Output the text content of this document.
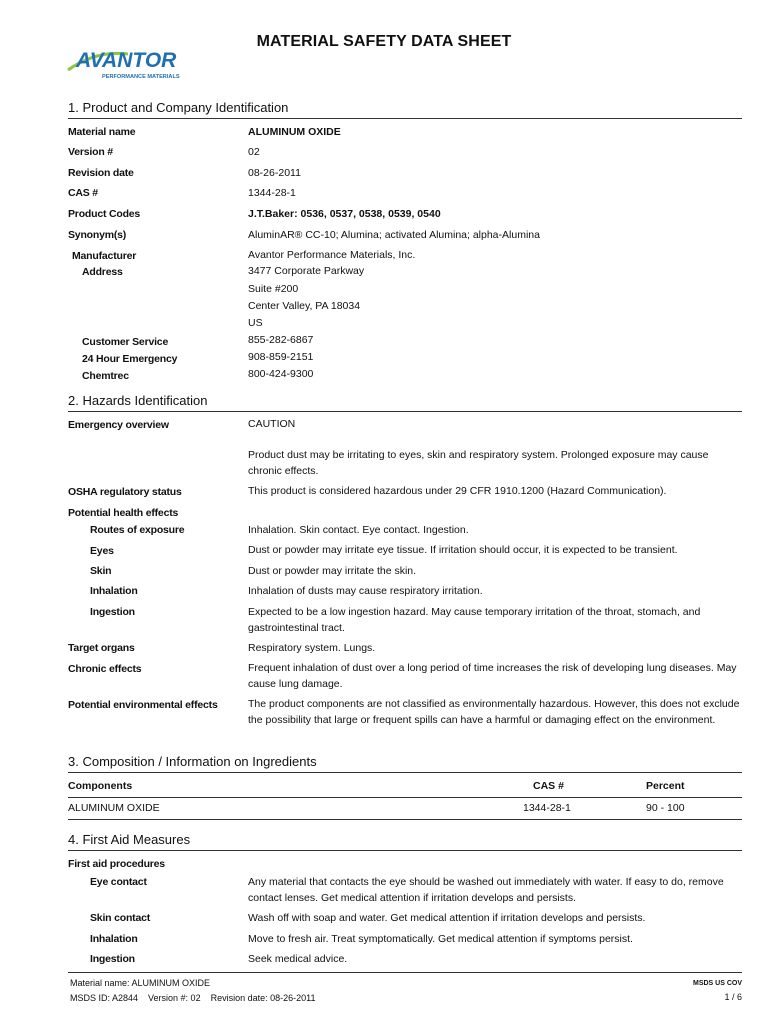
AVANTOR
PERFORMANCE MATERIALS
MATERIAL SAFETY DATA SHEET
1. Product and Company Identification
Material name	ALUMINUM OXIDE
Version #	02
Revision date	08-26-2011
CAS #	1344-28-1
Product Codes	J.T.Baker: 0536, 0537, 0538, 0539, 0540
Synonym(s)	AluminAR® CC-10; Alumina; activated Alumina; alpha-Alumina
Manufacturer	Avantor Performance Materials, Inc.
Address	3477 Corporate Parkway
Suite #200
Center Valley, PA 18034
US
Customer Service	855-282-6867
24 Hour Emergency	908-859-2151
Chemtrec	800-424-9300
2. Hazards Identification
Emergency overview	CAUTION
Product dust may be irritating to eyes, skin and respiratory system. Prolonged exposure may cause chronic effects.
OSHA regulatory status	This product is considered hazardous under 29 CFR 1910.1200 (Hazard Communication).
Potential health effects
Routes of exposure	Inhalation. Skin contact. Eye contact. Ingestion.
Eyes	Dust or powder may irritate eye tissue. If irritation should occur, it is expected to be transient.
Skin	Dust or powder may irritate the skin.
Inhalation	Inhalation of dusts may cause respiratory irritation.
Ingestion	Expected to be a low ingestion hazard. May cause temporary irritation of the throat, stomach, and gastrointestinal tract.
Target organs	Respiratory system. Lungs.
Chronic effects	Frequent inhalation of dust over a long period of time increases the risk of developing lung diseases. May cause lung damage.
Potential environmental effects	The product components are not classified as environmentally hazardous. However, this does not exclude the possibility that large or frequent spills can have a harmful or damaging effect on the environment.
3. Composition / Information on Ingredients
Components	CAS #	Percent
ALUMINUM OXIDE	1344-28-1	90 - 100
4. First Aid Measures
First aid procedures
Eye contact	Any material that contacts the eye should be washed out immediately with water. If easy to do, remove contact lenses. Get medical attention if irritation develops and persists.
Skin contact	Wash off with soap and water. Get medical attention if irritation develops and persists.
Inhalation	Move to fresh air. Treat symptomatically. Get medical attention if symptoms persist.
Ingestion	Seek medical advice.
Material name: ALUMINUM OXIDE
MSDS ID: A2844    Version #: 02    Revision date: 08-26-2011
MSDS US COV
1 / 6
